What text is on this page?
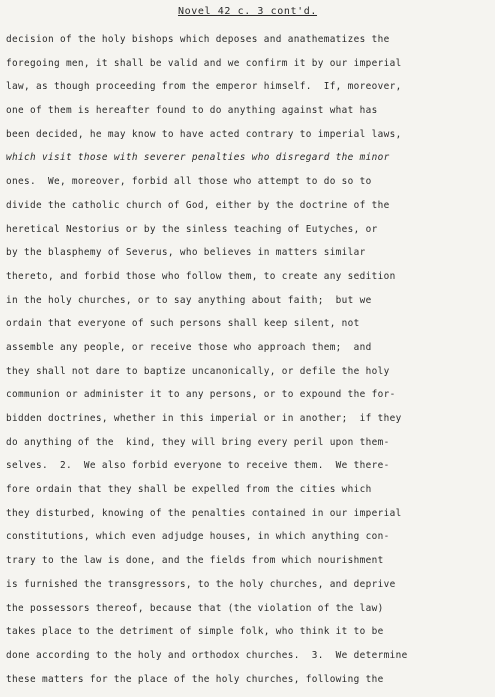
Novel 42 c. 3 cont'd.
decision of the holy bishops which deposes and anathematizes the
foregoing men, it shall be valid and we confirm it by our imperial
law, as though proceeding from the emperor himself.  If, moreover,
one of them is hereafter found to do anything against what has
been decided, he may know to have acted contrary to imperial laws,
which visit those with severer penalties who disregard the minor
ones.  We, moreover, forbid all those who attempt to do so to
divide the catholic church of God, either by the doctrine of the
heretical Nestorius or by the sinless teaching of Eutyches, or
by the blasphemy of Severus, who believes in matters similar
thereto, and forbid those who follow them, to create any sedition
in the holy churches, or to say anything about faith;  but we
ordain that everyone of such persons shall keep silent, not
assemble any people, or receive those who approach them;  and
they shall not dare to baptize uncanonically, or defile the holy
communion or administer it to any persons, or to expound the for-
bidden doctrines, whether in this imperial or in another;  if they
do anything of the  kind, they will bring every peril upon them-
selves.  2.  We also forbid everyone to receive them.  We there-
fore ordain that they shall be expelled from the cities which
they disturbed, knowing of the penalties contained in our imperial
constitutions, which even adjudge houses, in which anything con-
trary to the law is done, and the fields from which nourishment
is furnished the transgressors, to the holy churches, and deprive
the possessors thereof, because that (the violation of the law)
takes place to the detriment of simple folk, who think it to be
done according to the holy and orthodox churches.  3.  We determine
these matters for the place of the holy churches, following the
